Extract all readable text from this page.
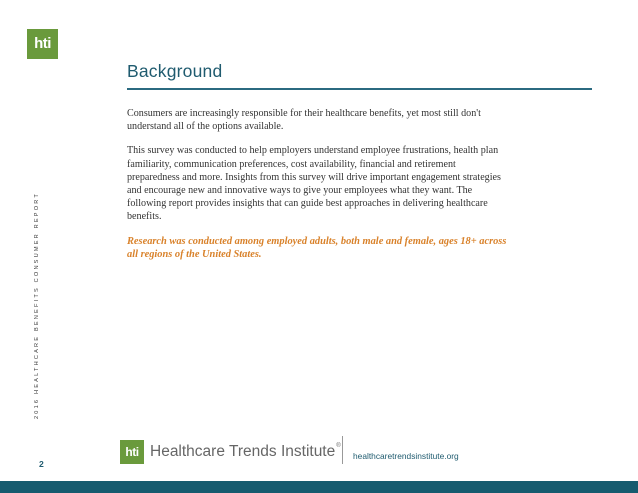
hti
2016 HEALTHCARE BENEFITS CONSUMER REPORT
Background

Consumers are increasingly responsible for their healthcare benefits, yet most still don't understand all of the options available.

This survey was conducted to help employers understand employee frustrations, health plan familiarity, communication preferences, cost availability, financial and retirement preparedness and more. Insights from this survey will drive important engagement strategies and encourage new and innovative ways to give your employees what they want. The following report provides insights that can guide best approaches in delivering healthcare benefits.

Research was conducted among employed adults, both male and female, ages 18+ across all regions of the United States.

hti Healthcare Trends Institute®
healthcaretrendsinstitute.org
2
